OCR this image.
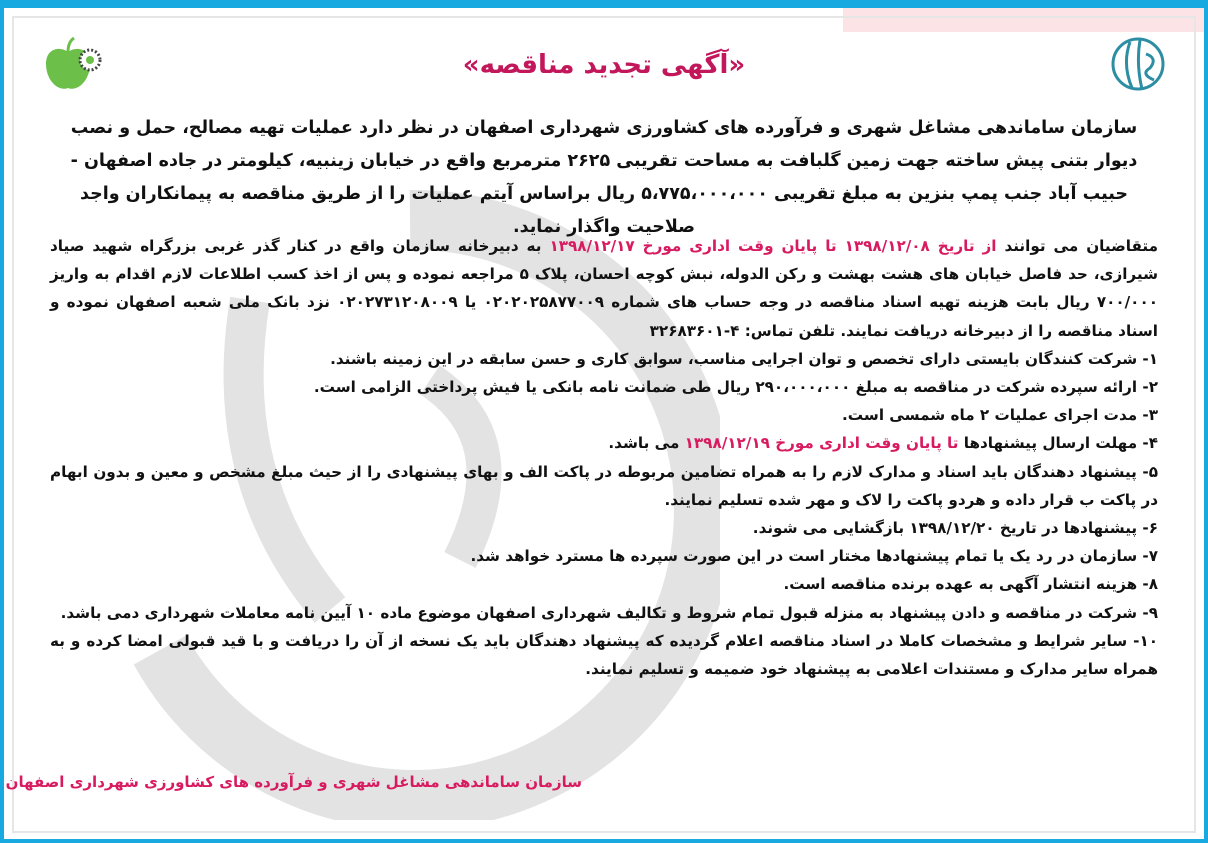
«آگهی تجدید مناقصه»
سازمان ساماندهی مشاغل شهری و فرآورده های کشاورزی شهرداری اصفهان در نظر دارد عملیات تهیه مصالح، حمل و نصب دیوار بتنی پیش ساخته جهت زمین گلبافت به مساحت تقریبی ۲۶۲۵ مترمربع واقع در خیابان زینبیه، کیلومتر در جاده اصفهان - حبیب آباد جنب پمپ بنزین به مبلغ تقریبی ۵،۷۷۵،۰۰۰،۰۰۰ ریال براساس آیتم عملیات را از طریق مناقصه به پیمانکاران واجد صلاحیت واگذار نماید.

متقاضیان می توانند از تاریخ ۱۳۹۸/۱۲/۰۸ تا پایان وقت اداری مورخ ۱۳۹۸/۱۲/۱۷ به دبیرخانه سازمان واقع در کنار گذر غربی بزرگراه شهید صیاد شیرازی، حد فاصل خیابان های هشت بهشت و رکن الدوله، نبش کوچه احسان، پلاک ۵ مراجعه نموده و پس از اخذ کسب اطلاعات لازم اقدام به واریز ۷۰۰/۰۰۰ ریال بابت هزینه تهیه اسناد مناقصه در وجه حساب های شماره ۰۲۰۲۰۲۵۸۷۷۰۰۹ یا ۰۲۰۲۷۳۱۲۰۸۰۰۹ نزد بانک ملی شعبه اصفهان نموده و اسناد مناقصه را از دبیرخانه دریافت نمایند. تلفن تماس: ۴-۳۲۶۸۳۶۰۱

۱- شرکت کنندگان بایستی دارای تخصص و توان اجرایی مناسب، سوابق کاری و حسن سابقه در این زمینه باشند.

۲- ارائه سپرده شرکت در مناقصه به مبلغ ۲۹۰،۰۰۰،۰۰۰ ریال طی ضمانت نامه بانکی یا فیش پرداختی الزامی است.

۳- مدت اجرای عملیات ۲ ماه شمسی است.

۴- مهلت ارسال پیشنهادها تا پایان وقت اداری مورخ ۱۳۹۸/۱۲/۱۹ می باشد.

۵- پیشنهاد دهندگان باید اسناد و مدارک لازم را به همراه تضامین مربوطه در پاکت الف و بهای پیشنهادی را از حیث مبلغ مشخص و معین و بدون ابهام در پاکت ب قرار داده و هردو پاکت را لاک و مهر شده تسلیم نمایند.

۶- پیشنهادها در تاریخ ۱۳۹۸/۱۲/۲۰ بازگشایی می شوند.

۷- سازمان در رد یک یا تمام پیشنهادها مختار است در این صورت سپرده ها مسترد خواهد شد.

۸- هزینه انتشار آگهی به عهده برنده مناقصه است.

۹- شرکت در مناقصه و دادن پیشنهاد به منزله قبول تمام شروط و تکالیف شهرداری اصفهان موضوع ماده ۱۰ آیین نامه معاملات شهرداری دمی باشد.

۱۰- سایر شرایط و مشخصات کاملا در اسناد مناقصه اعلام گردیده که پیشنهاد دهندگان باید یک نسخه از آن را دریافت و با قید قبولی امضا کرده و به همراه سایر مدارک و مستندات اعلامی به پیشنهاد خود ضمیمه و تسلیم نمایند.

سازمان ساماندهی مشاغل شهری و فرآورده های کشاورزی شهرداری اصفهان
